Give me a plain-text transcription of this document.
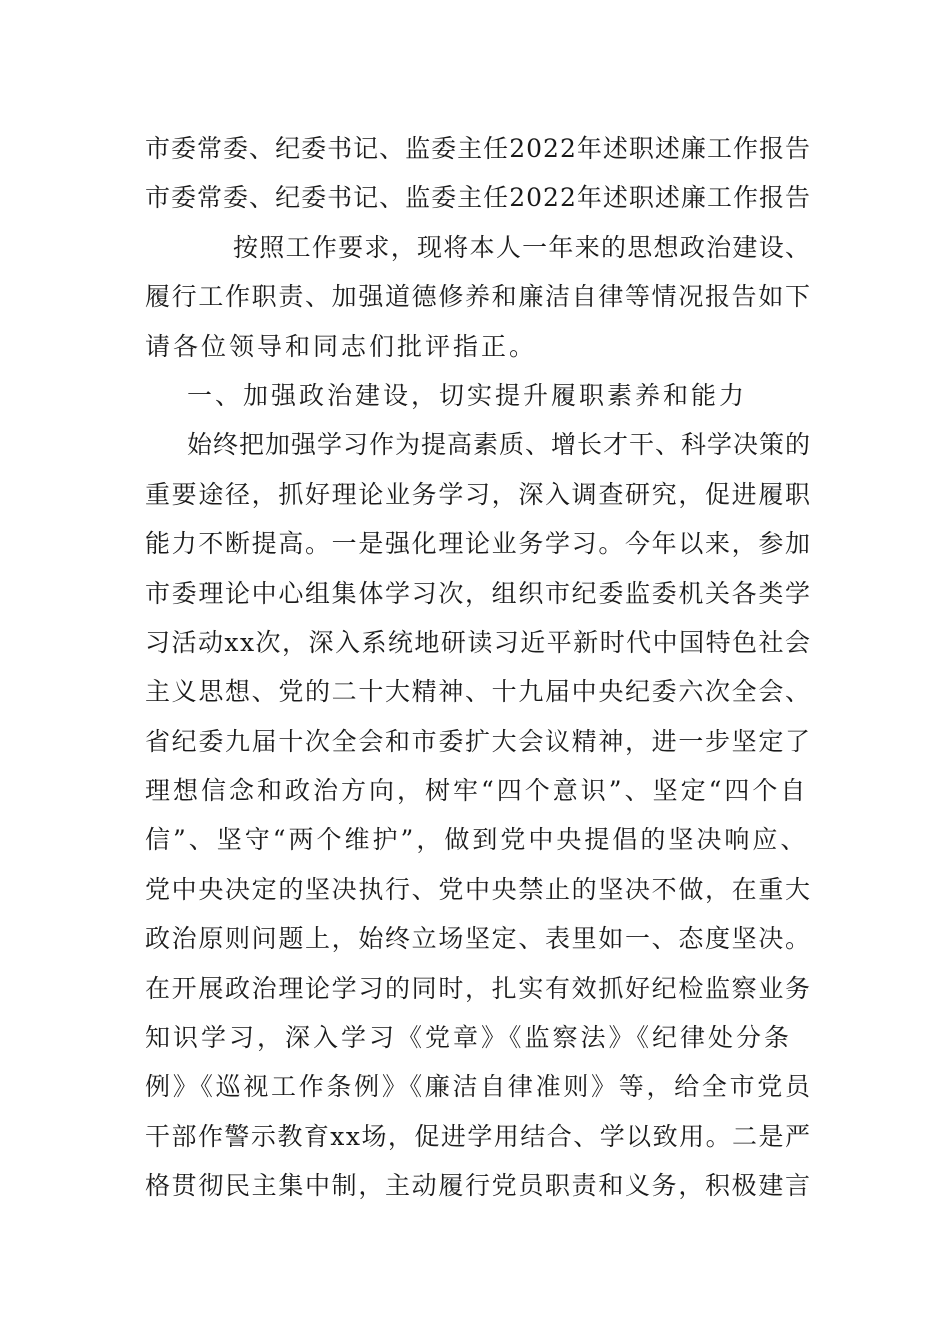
市委常委、纪委书记、监委主任2022年述职述廉工作报告
市委常委、纪委书记、监委主任2022年述职述廉工作报告
按照工作要求，现将本人一年来的思想政治建设、
履行工作职责、加强道德修养和廉洁自律等情况报告如下
请各位领导和同志们批评指正。
一、加强政治建设，切实提升履职素养和能力
始终把加强学习作为提高素质、增长才干、科学决策的
重要途径，抓好理论业务学习，深入调查研究，促进履职
能力不断提高。一是强化理论业务学习。今年以来，参加
市委理论中心组集体学习次，组织市纪委监委机关各类学
习活动xx次，深入系统地研读习近平新时代中国特色社会
主义思想、党的二十大精神、十九届中央纪委六次全会、
省纪委九届十次全会和市委扩大会议精神，进一步坚定了
理想信念和政治方向，树牢“四个意识”、坚定“四个自
信”、坚守“两个维护”，做到党中央提倡的坚决响应、
党中央决定的坚决执行、党中央禁止的坚决不做，在重大
政治原则问题上，始终立场坚定、表里如一、态度坚决。
在开展政治理论学习的同时，扎实有效抓好纪检监察业务
知识学习，深入学习《党章》《监察法》《纪律处分条
例》《巡视工作条例》《廉洁自律准则》等，给全市党员
干部作警示教育xx场，促进学用结合、学以致用。二是严
格贯彻民主集中制，主动履行党员职责和义务，积极建言
